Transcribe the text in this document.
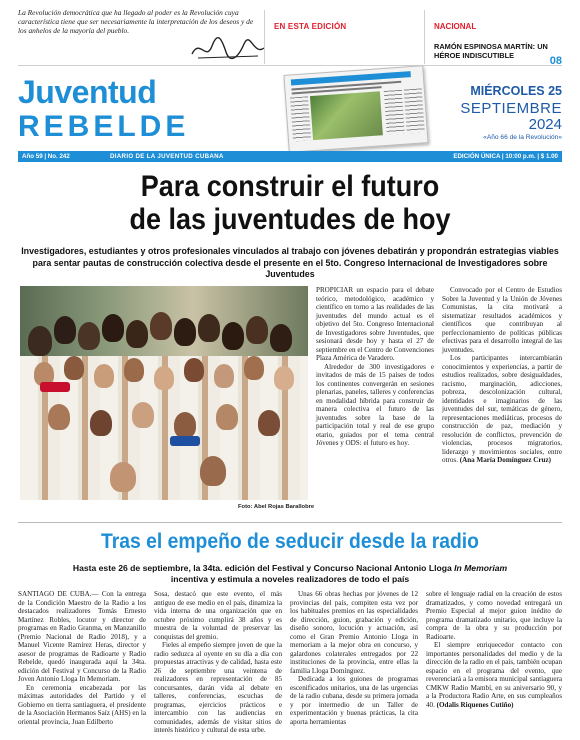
La Revolución democrática que ha llegado al poder es la Revolución cuya característica tiene que ser necesariamente la interpretación de los deseos y de los anhelos de la mayoría del pueblo.	EN ESTA EDICIÓN	NACIONAL
RAMÓN ESPINOSA MARTÍN: UN HÉROE INDISCUTIBLE	08
Juventud
REBELDE
MIÉRCOLES 25
SEPTIEMBRE
2024
«Año 66 de la Revolución»
Año 59 | No. 242	DIARIO DE LA JUVENTUD CUBANA	EDICIÓN ÚNICA | 10:00 p.m. | $ 1.00
Para construir el futuro
de las juventudes de hoy
Investigadores, estudiantes y otros profesionales vinculados al trabajo con jóvenes debatirán y propondrán estrategias viables para sentar pautas de construcción colectiva desde el presente en el 5to. Congreso Internacional de Investigadores sobre Juventudes
Foto: Abel Rojas Barallobre

PROPICIAR un espacio para el debate teórico, metodológico, académico y científico en torno a las realidades de las juventudes del mundo actual es el objetivo del 5to. Congreso Internacional de Investigadores sobre Juventudes, que sesionará desde hoy y hasta el 27 de septiembre en el Centro de Convenciones Plaza América de Varadero.

Alrededor de 300 investigadores e invitados de más de 15 países de todos los continentes convergerán en sesiones plenarias, paneles, talleres y conferencias en modalidad híbrida para construir de manera colectiva el futuro de las juventudes sobre la base de la participación total y real de ese grupo etario, guiados por el tema central Jóvenes y ODS: el futuro es hoy.

Convocado por el Centro de Estudios Sobre la Juventud y la Unión de Jóvenes Comunistas, la cita motivará a sistematizar resultados académicos y científicos que contribuyan al perfeccionamiento de políticas públicas efectivas para el desarrollo integral de las juventudes.

Los participantes intercambiarán conocimientos y experiencias, a partir de estudios realizados, sobre desigualdades, racismo, marginación, adicciones, pobreza, descolonización cultural, identidades e imaginarios de las juventudes del sur, temáticas de género, representaciones mediáticas, procesos de construcción de paz, mediación y resolución de conflictos, prevención de violencias, procesos migratorios, liderazgo y movimientos sociales, entre otros. (Ana María Domínguez Cruz)

Tras el empeño de seducir desde la radio
Hasta este 26 de septiembre, la 34ta. edición del Festival y Concurso Nacional Antonio Lloga In Memoriam
incentiva y estimula a noveles realizadores de todo el país

SANTIAGO DE CUBA.— Con la entrega de la Condición Maestro de la Radio a los destacados realizadores Tomás Ernesto Martínez Robles, locutor y director de programas en Radio Granma, en Manzanillo (Premio Nacional de Radio 2018), y a Manuel Vicente Ramírez Heras, director y asesor de programas de Radioarte y Radio Rebelde, quedó inaugurada aquí la 34ta. edición del Festival y Concurso de la Radio Joven Antonio Lloga In Memoriam.

En ceremonia encabezada por las máximas autoridades del Partido y el Gobierno en tierra santiaguera, el presidente de la Asociación Hermanos Saíz (AHS) en la oriental provincia, Juan Edilberto

Sosa, destacó que este evento, el más antiguo de ese medio en el país, dinamiza la vida interna de una organización que en octubre próximo cumplirá 38 años y es muestra de la voluntad de preservar las conquistas del gremio.

Fieles al empeño siempre joven de que la radio seduzca al oyente en su día a día con propuestas atractivas y de calidad, hasta este 26 de septiembre una veintena de realizadores en representación de 85 concursantes, darán vida al debate en talleres, conferencias, escuchas de programas, ejercicios prácticos e intercambio con las audiencias en comunidades, además de visitar sitios de interés histórico y cultural de esta urbe.

Unas 66 obras hechas por jóvenes de 12 provincias del país, compiten esta vez por los habituales premios en las especialidades de dirección, guion, grabación y edición, diseño sonoro, locución y actuación, así como el Gran Premio Antonio Lloga in memoriam a la mejor obra en concurso, y galardones colaterales entregados por 22 instituciones de la provincia, entre ellas la familia Lloga Domínguez.

Dedicada a los guiones de programas escenificados unitarios, una de las urgencias de la radio cubana, desde su primera jornada y por intermedio de un Taller de experimentación y buenas prácticas, la cita aporta herramientas

sobre el lenguaje radial en la creación de estos dramatizados, y como novedad entregará un Premio Especial al mejor guion inédito de programa dramatizado unitario, que incluye la compra de la obra y su producción por Radioarte.

El siempre enriquecedor contacto con importantes personalidades del medio y de la dirección de la radio en el país, también ocupan espacio en el programa del evento, que reverenciará a la emisora municipal santiaguera CMKW Radio Mambí, en su aniversario 90, y a la Productora Radio Arte, en sus cumpleaños 40. (Odalis Riquenes Cutiño)
